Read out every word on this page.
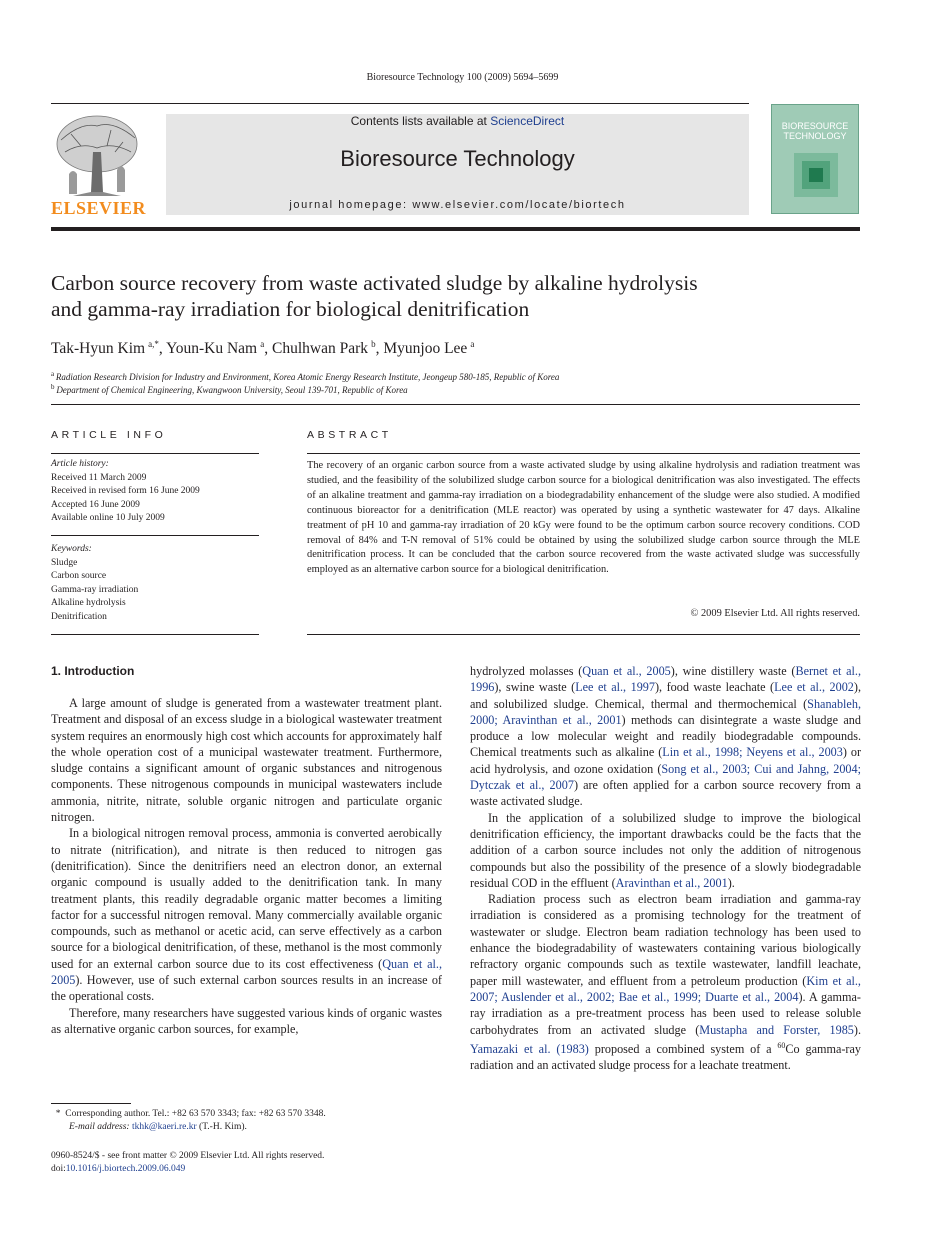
Bioresource Technology 100 (2009) 5694–5699
ELSEVIER
Contents lists available at ScienceDirect
Bioresource Technology
journal homepage: www.elsevier.com/locate/biortech
BIORESOURCE TECHNOLOGY
Carbon source recovery from waste activated sludge by alkaline hydrolysis
and gamma-ray irradiation for biological denitrification
Tak-Hyun Kim  $^{a,*}$, Youn-Ku Nam  $^a$, Chulhwan Park  $^b$, Myunjoo Lee  $^a$
$^a$  Radiation Research Division for Industry and Environment, Korea Atomic Energy Research Institute, Jeongeup 580-185, Republic of Korea
$^b$  Department of Chemical Engineering, Kwangwoon University, Seoul 139-701, Republic of Korea
ARTICLE INFO
Article history:
Received 11 March 2009
Received in revised form 16 June 2009
Accepted 16 June 2009
Available online 10 July 2009
Keywords:
Sludge
Carbon source
Gamma-ray irradiation
Alkaline hydrolysis
Denitrification
ABSTRACT
The recovery of an organic carbon source from a waste activated sludge by using alkaline hydrolysis and radiation treatment was studied, and the feasibility of the solubilized sludge carbon source for a biological denitrification was also investigated. The effects of an alkaline treatment and gamma-ray irradiation on a biodegradability enhancement of the sludge were also studied. A modified continuous bioreactor for a denitrification (MLE reactor) was operated by using a synthetic wastewater for 47 days. Alkaline treatment of pH 10 and gamma-ray irradiation of 20 kGy were found to be the optimum carbon source recovery conditions. COD removal of 84% and T-N removal of 51% could be obtained by using the solubilized sludge carbon source through the MLE denitrification process. It can be concluded that the carbon source recovered from the waste activated sludge was successfully employed as an alternative carbon source for a biological denitrification.
© 2009 Elsevier Ltd. All rights reserved.
1. Introduction

A large amount of sludge is generated from a wastewater treatment plant. Treatment and disposal of an excess sludge in a biological wastewater treatment system requires an enormously high cost which accounts for approximately half the whole operation cost of a municipal wastewater treatment. Furthermore, sludge contains a significant amount of organic substances and nitrogenous components. These nitrogenous compounds in municipal wastewaters include ammonia, nitrite, nitrate, soluble organic nitrogen and particulate organic nitrogen.

In a biological nitrogen removal process, ammonia is converted aerobically to nitrate (nitrification), and nitrate is then reduced to nitrogen gas (denitrification). Since the denitrifiers need an electron donor, an external organic compound is usually added to the denitrification tank. In many treatment plants, this readily degradable organic matter becomes a limiting factor for a successful nitrogen removal. Many commercially available organic compounds, such as methanol or acetic acid, can serve effectively as a carbon source for a biological denitrification, of these, methanol is the most commonly used for an external carbon source due to its cost effectiveness (Quan et al., 2005). However, use of such external carbon sources results in an increase of the operational costs.

Therefore, many researchers have suggested various kinds of organic wastes as alternative organic carbon sources, for example,

hydrolyzed molasses (Quan et al., 2005), wine distillery waste (Bernet et al., 1996), swine waste (Lee et al., 1997), food waste leachate (Lee et al., 2002), and solubilized sludge. Chemical, thermal and thermochemical (Shanableh, 2000; Aravinthan et al., 2001) methods can disintegrate a waste sludge and produce a low molecular weight and readily biodegradable compounds. Chemical treatments such as alkaline (Lin et al., 1998; Neyens et al., 2003) or acid hydrolysis, and ozone oxidation (Song et al., 2003; Cui and Jahng, 2004; Dytczak et al., 2007) are often applied for a carbon source recovery from a waste activated sludge.

In the application of a solubilized sludge to improve the biological denitrification efficiency, the important drawbacks could be the facts that the addition of a carbon source includes not only the addition of nitrogenous compounds but also the possibility of the presence of a slowly biodegradable residual COD in the effluent (Aravinthan et al., 2001).

Radiation process such as electron beam irradiation and gamma-ray irradiation is considered as a promising technology for the treatment of wastewater or sludge. Electron beam radiation technology has been used to enhance the biodegradability of wastewaters containing various biologically refractory organic compounds such as textile wastewater, landfill leachate, paper mill wastewater, and effluent from a petroleum production (Kim et al., 2007; Auslender et al., 2002; Bae et al., 1999; Duarte et al., 2004). A gamma-ray irradiation as a pre-treatment process has been used to release soluble carbohydrates from an activated sludge (Mustapha and Forster, 1985). Yamazaki et al. (1983) proposed a combined system of a $^{60}$Co gamma-ray radiation and an activated sludge process for a leachate treatment.

* Corresponding author. Tel.: +82 63 570 3343; fax: +82 63 570 3348.
E-mail address: tkhk@kaeri.re.kr (T.-H. Kim).
0960-8524/$ - see front matter © 2009 Elsevier Ltd. All rights reserved.
doi:10.1016/j.biortech.2009.06.049
